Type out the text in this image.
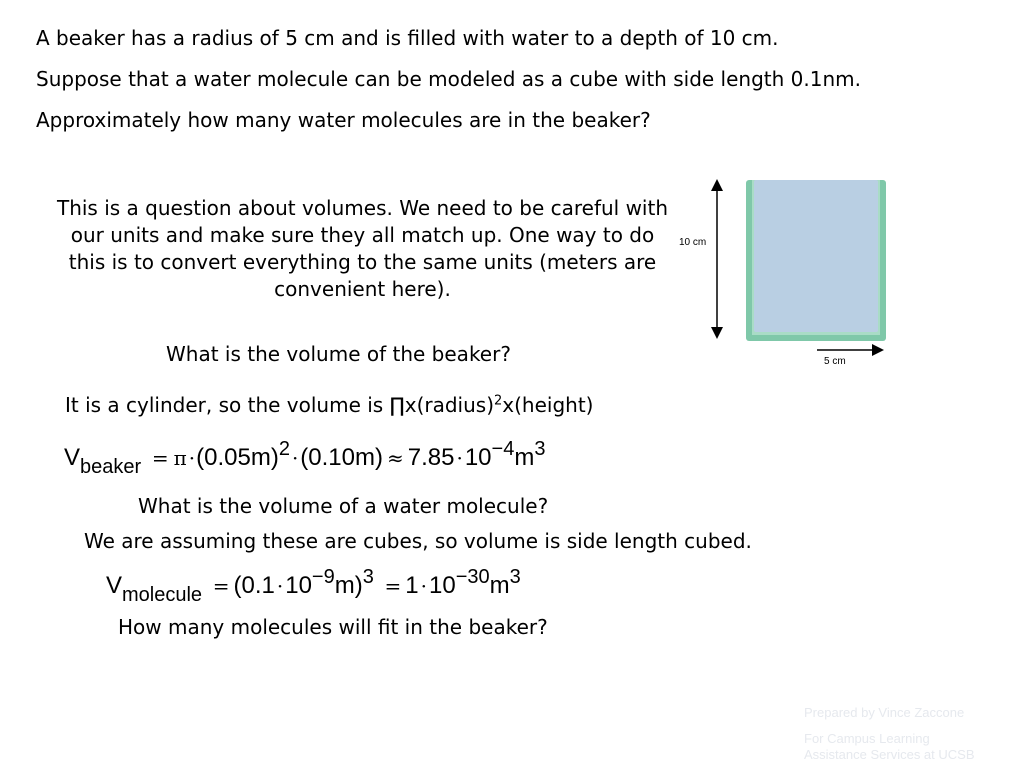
A beaker has a radius of 5 cm and is filled with water to a depth of 10 cm.
Suppose that a water molecule can be modeled as a cube with side length 0.1nm.
Approximately how many water molecules are in the beaker?
This is a question about volumes. We need to be careful with our units and make sure they all match up. One way to do this is to convert everything to the same units (meters are convenient here).
10 cm
5 cm
What is the volume of the beaker?
It is a cylinder, so the volume is ∏x(radius)$^2$x(height)
$V_{beaker} = \pi \cdot(0.05m)^2 \cdot(0.10m) \approx 7.85 \cdot 10^{-4}m^3$
What is the volume of a water molecule?
We are assuming these are cubes, so volume is side length cubed.
$V_{molecule} = (0.1 \cdot 10^{-9}m)^3 = 1 \cdot 10^{-30}m^3$
How many molecules will fit in the beaker?
Prepared by Vince Zaccone
For Campus Learning
Assistance Services at UCSB
